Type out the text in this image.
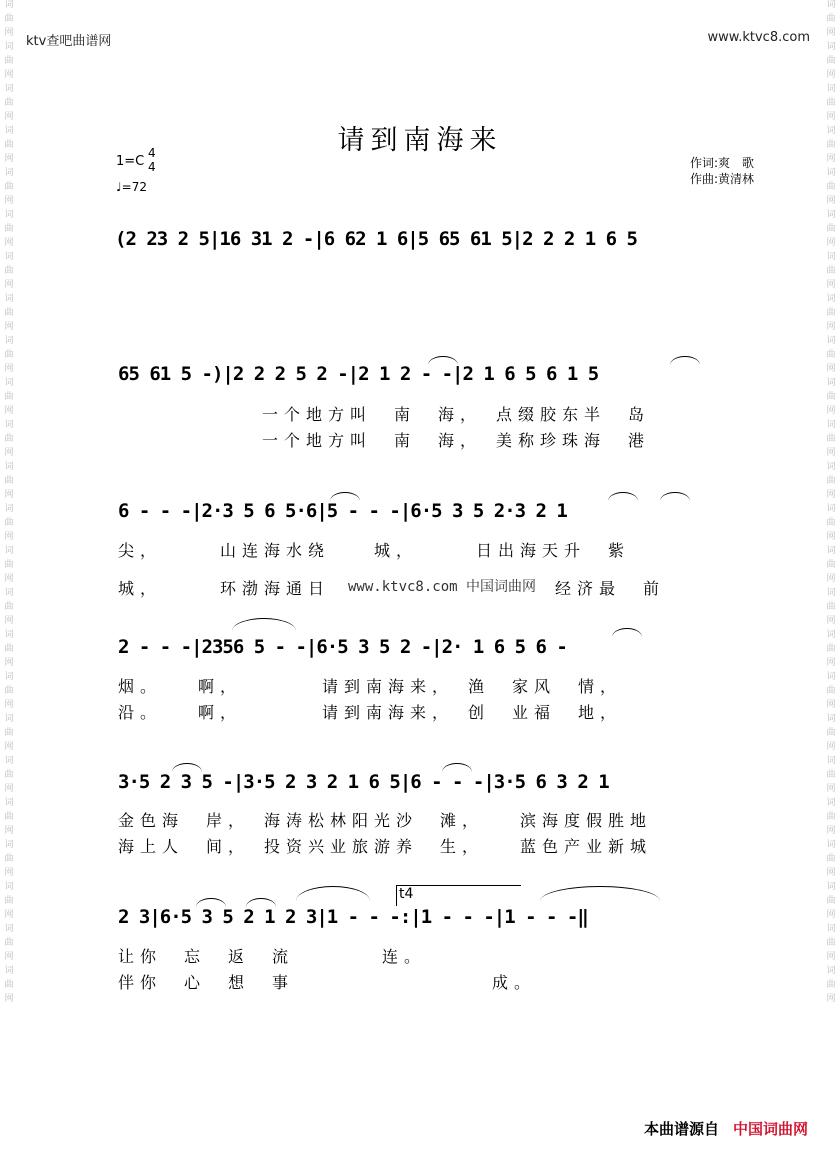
词
曲
网
词
曲
网
词
曲
网
词
曲
网
词
曲
网
词
曲
网
词
曲
网
词
曲
网
词
曲
网
词
曲
网
词
曲
网
词
曲
网
词
曲
网
词
曲
网
词
曲
网
词
曲
网
词
曲
网
词
曲
网
词
曲
网
词
曲
网
词
曲
网
词
曲
网
词
曲
网
词
曲
网
词
曲
网
词
曲
网
词
曲
网
词
曲
网
词
曲
网
词
曲
网
词
曲
网
词
曲
网
词
曲
网
词
曲
网
词
曲
网
词
曲
网
词
曲
网
词
曲
网
词
曲
网
词
曲
网
词
曲
网
词
曲
网
词
曲
网
词
曲
网
词
曲
网
词
曲
网
词
曲
网
词
曲
网
ktv查吧曲谱网	www.ktvc8.com
请到南海来
1=C
4
4
♩=72
作词:爽　歌
作曲:黄清林
(2 23 2 5|16 31 2 -|6 62 1 6|5 65 61 5|2 2 2 1 6 5
65 61 5 -)|2 2 2 5 2 -|2 1 2 - -|2 1 6 5 6 1 5
一个地方叫　南　海，　点缀胶东半　岛
一个地方叫　南　海，　美称珍珠海　港
6 - - -|2·3 5 6 5·6|5 - - -|6·5 3 5 2·3 2 1
尖，　　　山连海水绕　　城，　　　日出海天升　紫
城，　　　环渤海通日 www.ktvc8.com 中国词曲网 经济最　前
2 - - -|2356 5 - -|6·5 3 5 2 -|2· 1 6 5 6 -
烟。　　啊，　　　　请到南海来，　渔　家风　情，
沿。　　啊，　　　　请到南海来，　创　业福　地，
3·5 2 3 5 -|3·5 2 3 2 1 6 5|6 - - -|3·5 6 3 2 1
金色海　岸，　海涛松林阳光沙　滩，　　滨海度假胜地
海上人　间，　投资兴业旅游养　生，　　蓝色产业新城
t4
2 3|6·5 3 5 2 1 2 3|1 - - -:|1 - - -|1 - - -‖
让你　忘　返　流　　　　连。
伴你　心　想　事　　　　　　　　　成。
本曲谱源自 中国词曲网
